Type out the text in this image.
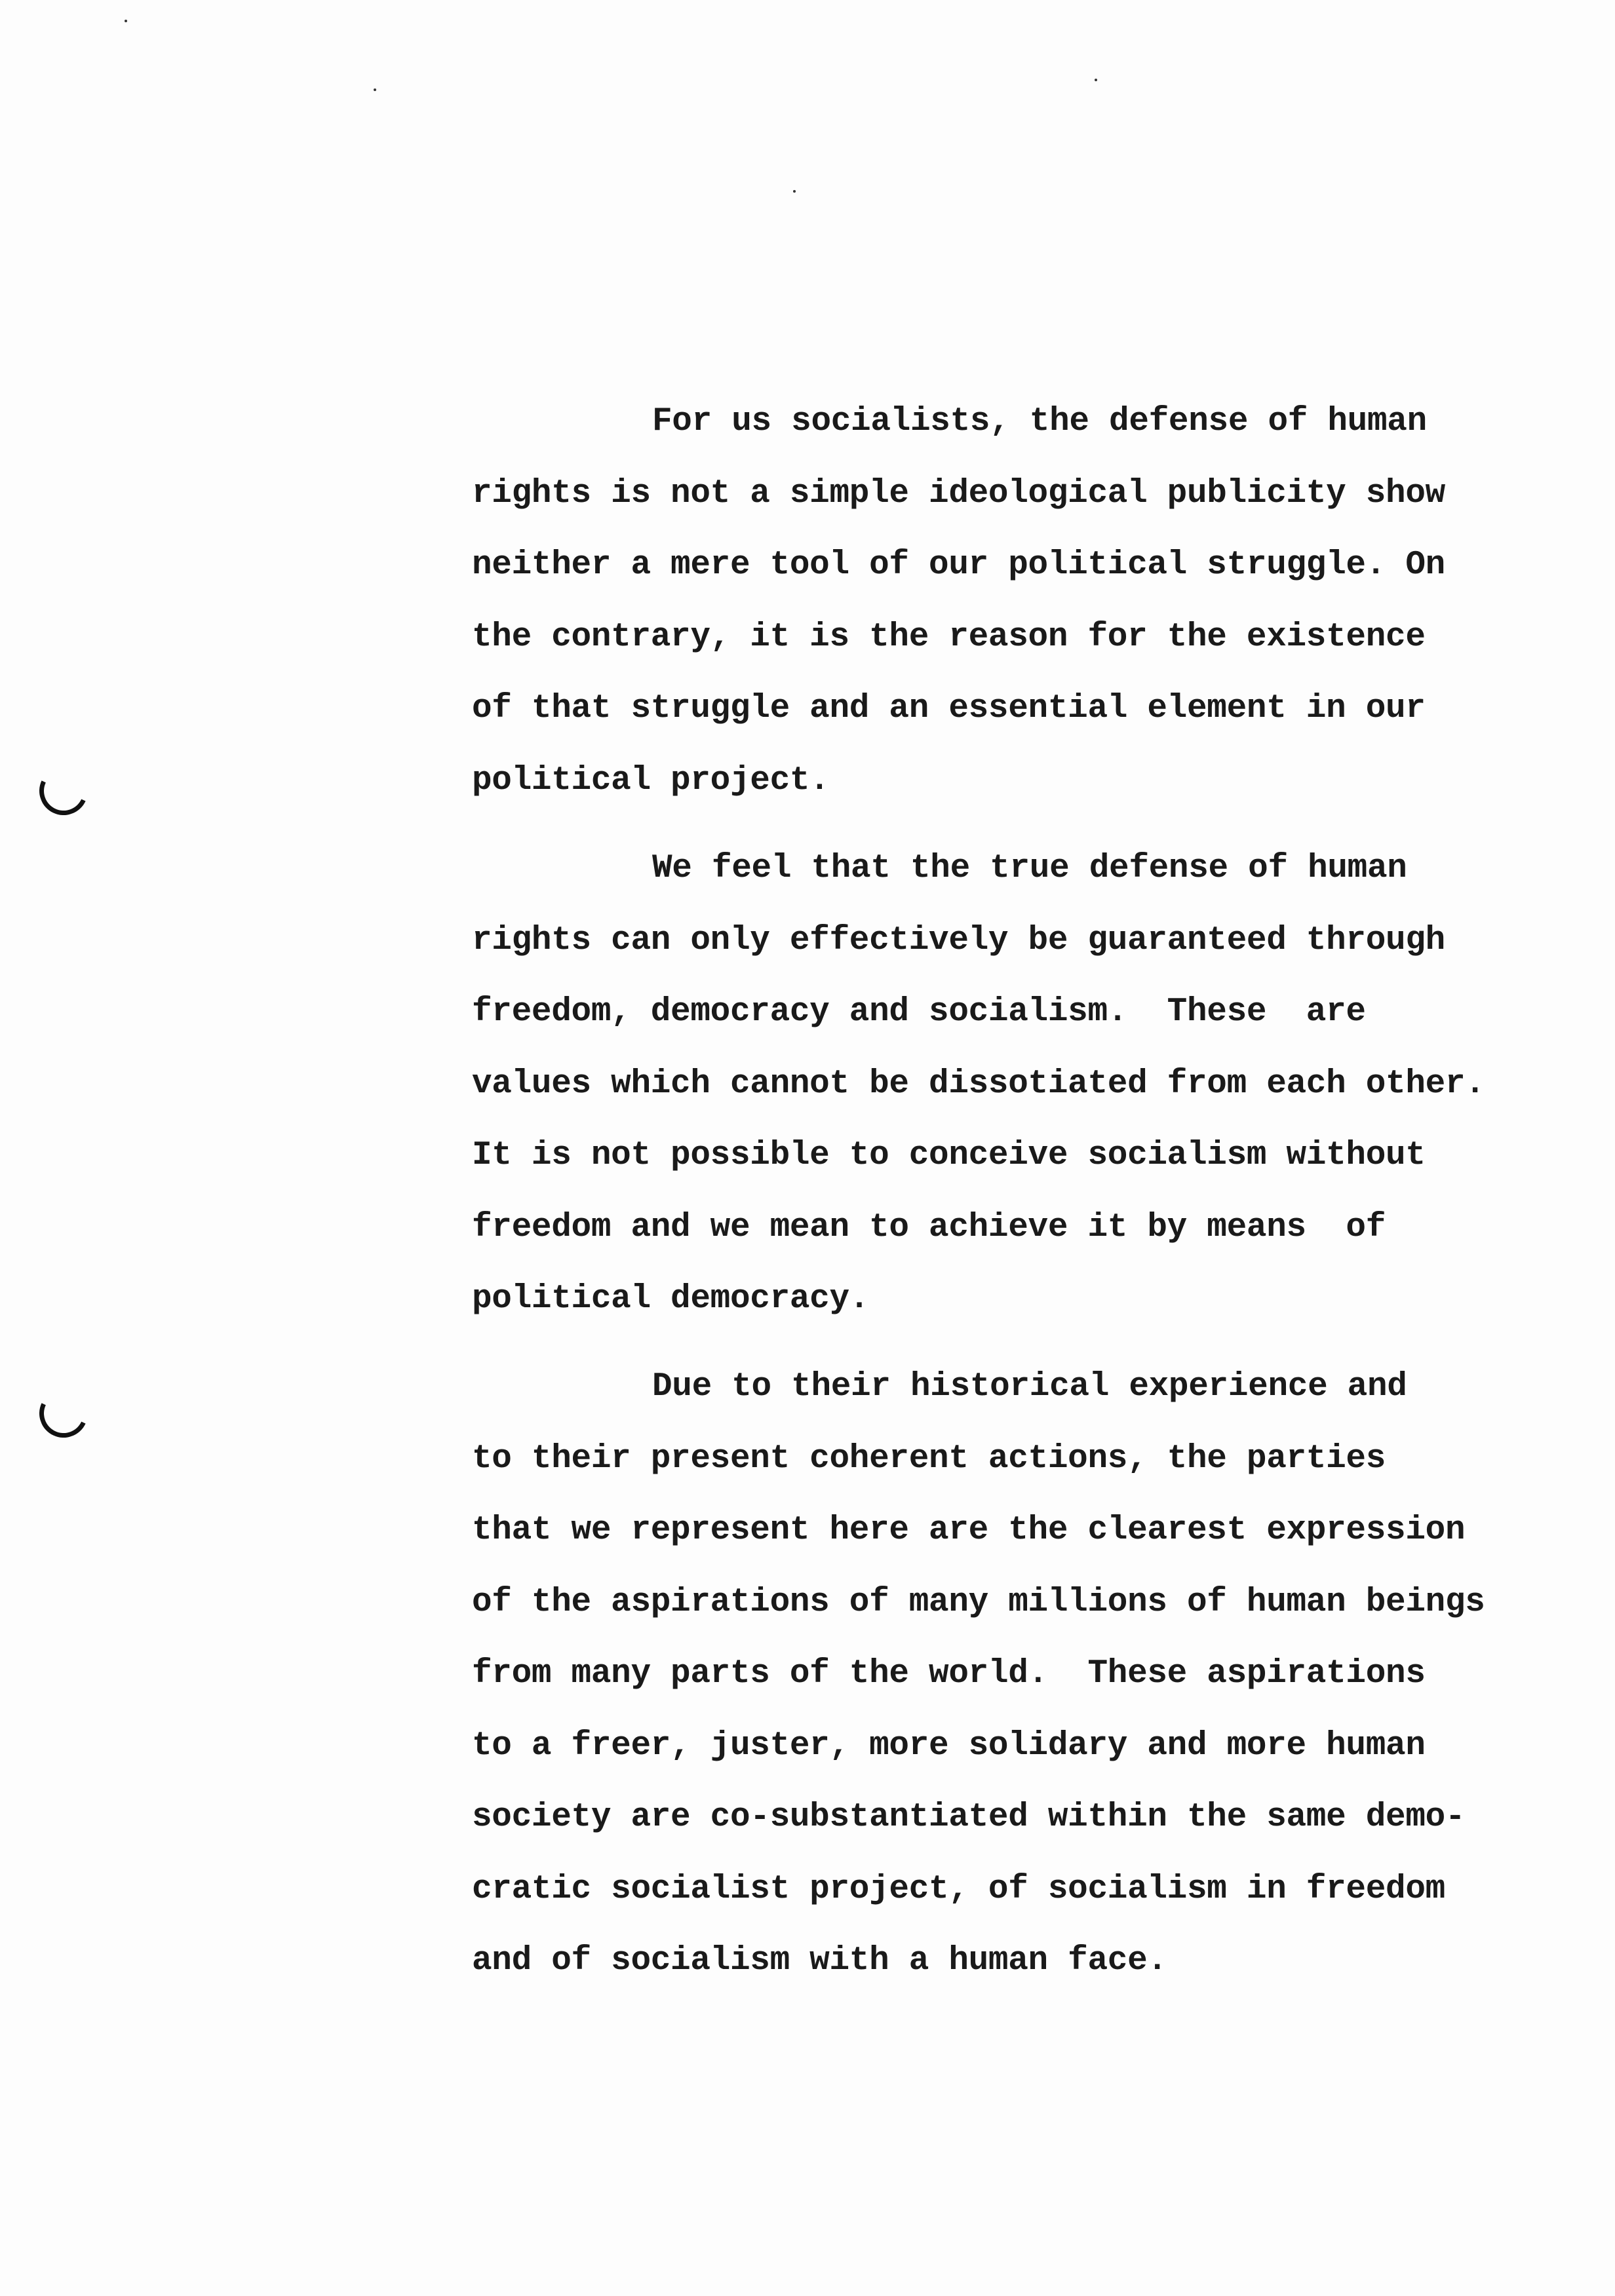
For us socialists, the defense of human
rights is not a simple ideological publicity show
neither a mere tool of our political struggle. On
the contrary, it is the reason for the existence
of that struggle and an essential element in our
political project.
We feel that the true defense of human
rights can only effectively be guaranteed through
freedom, democracy and socialism.  These  are
values which cannot be dissotiated from each other.
It is not possible to conceive socialism without
freedom and we mean to achieve it by means  of
political democracy.
Due to their historical experience and
to their present coherent actions, the parties
that we represent here are the clearest expression
of the aspirations of many millions of human beings
from many parts of the world.  These aspirations
to a freer, juster, more solidary and more human
society are co-substantiated within the same demo-
cratic socialist project, of socialism in freedom
and of socialism with a human face.
